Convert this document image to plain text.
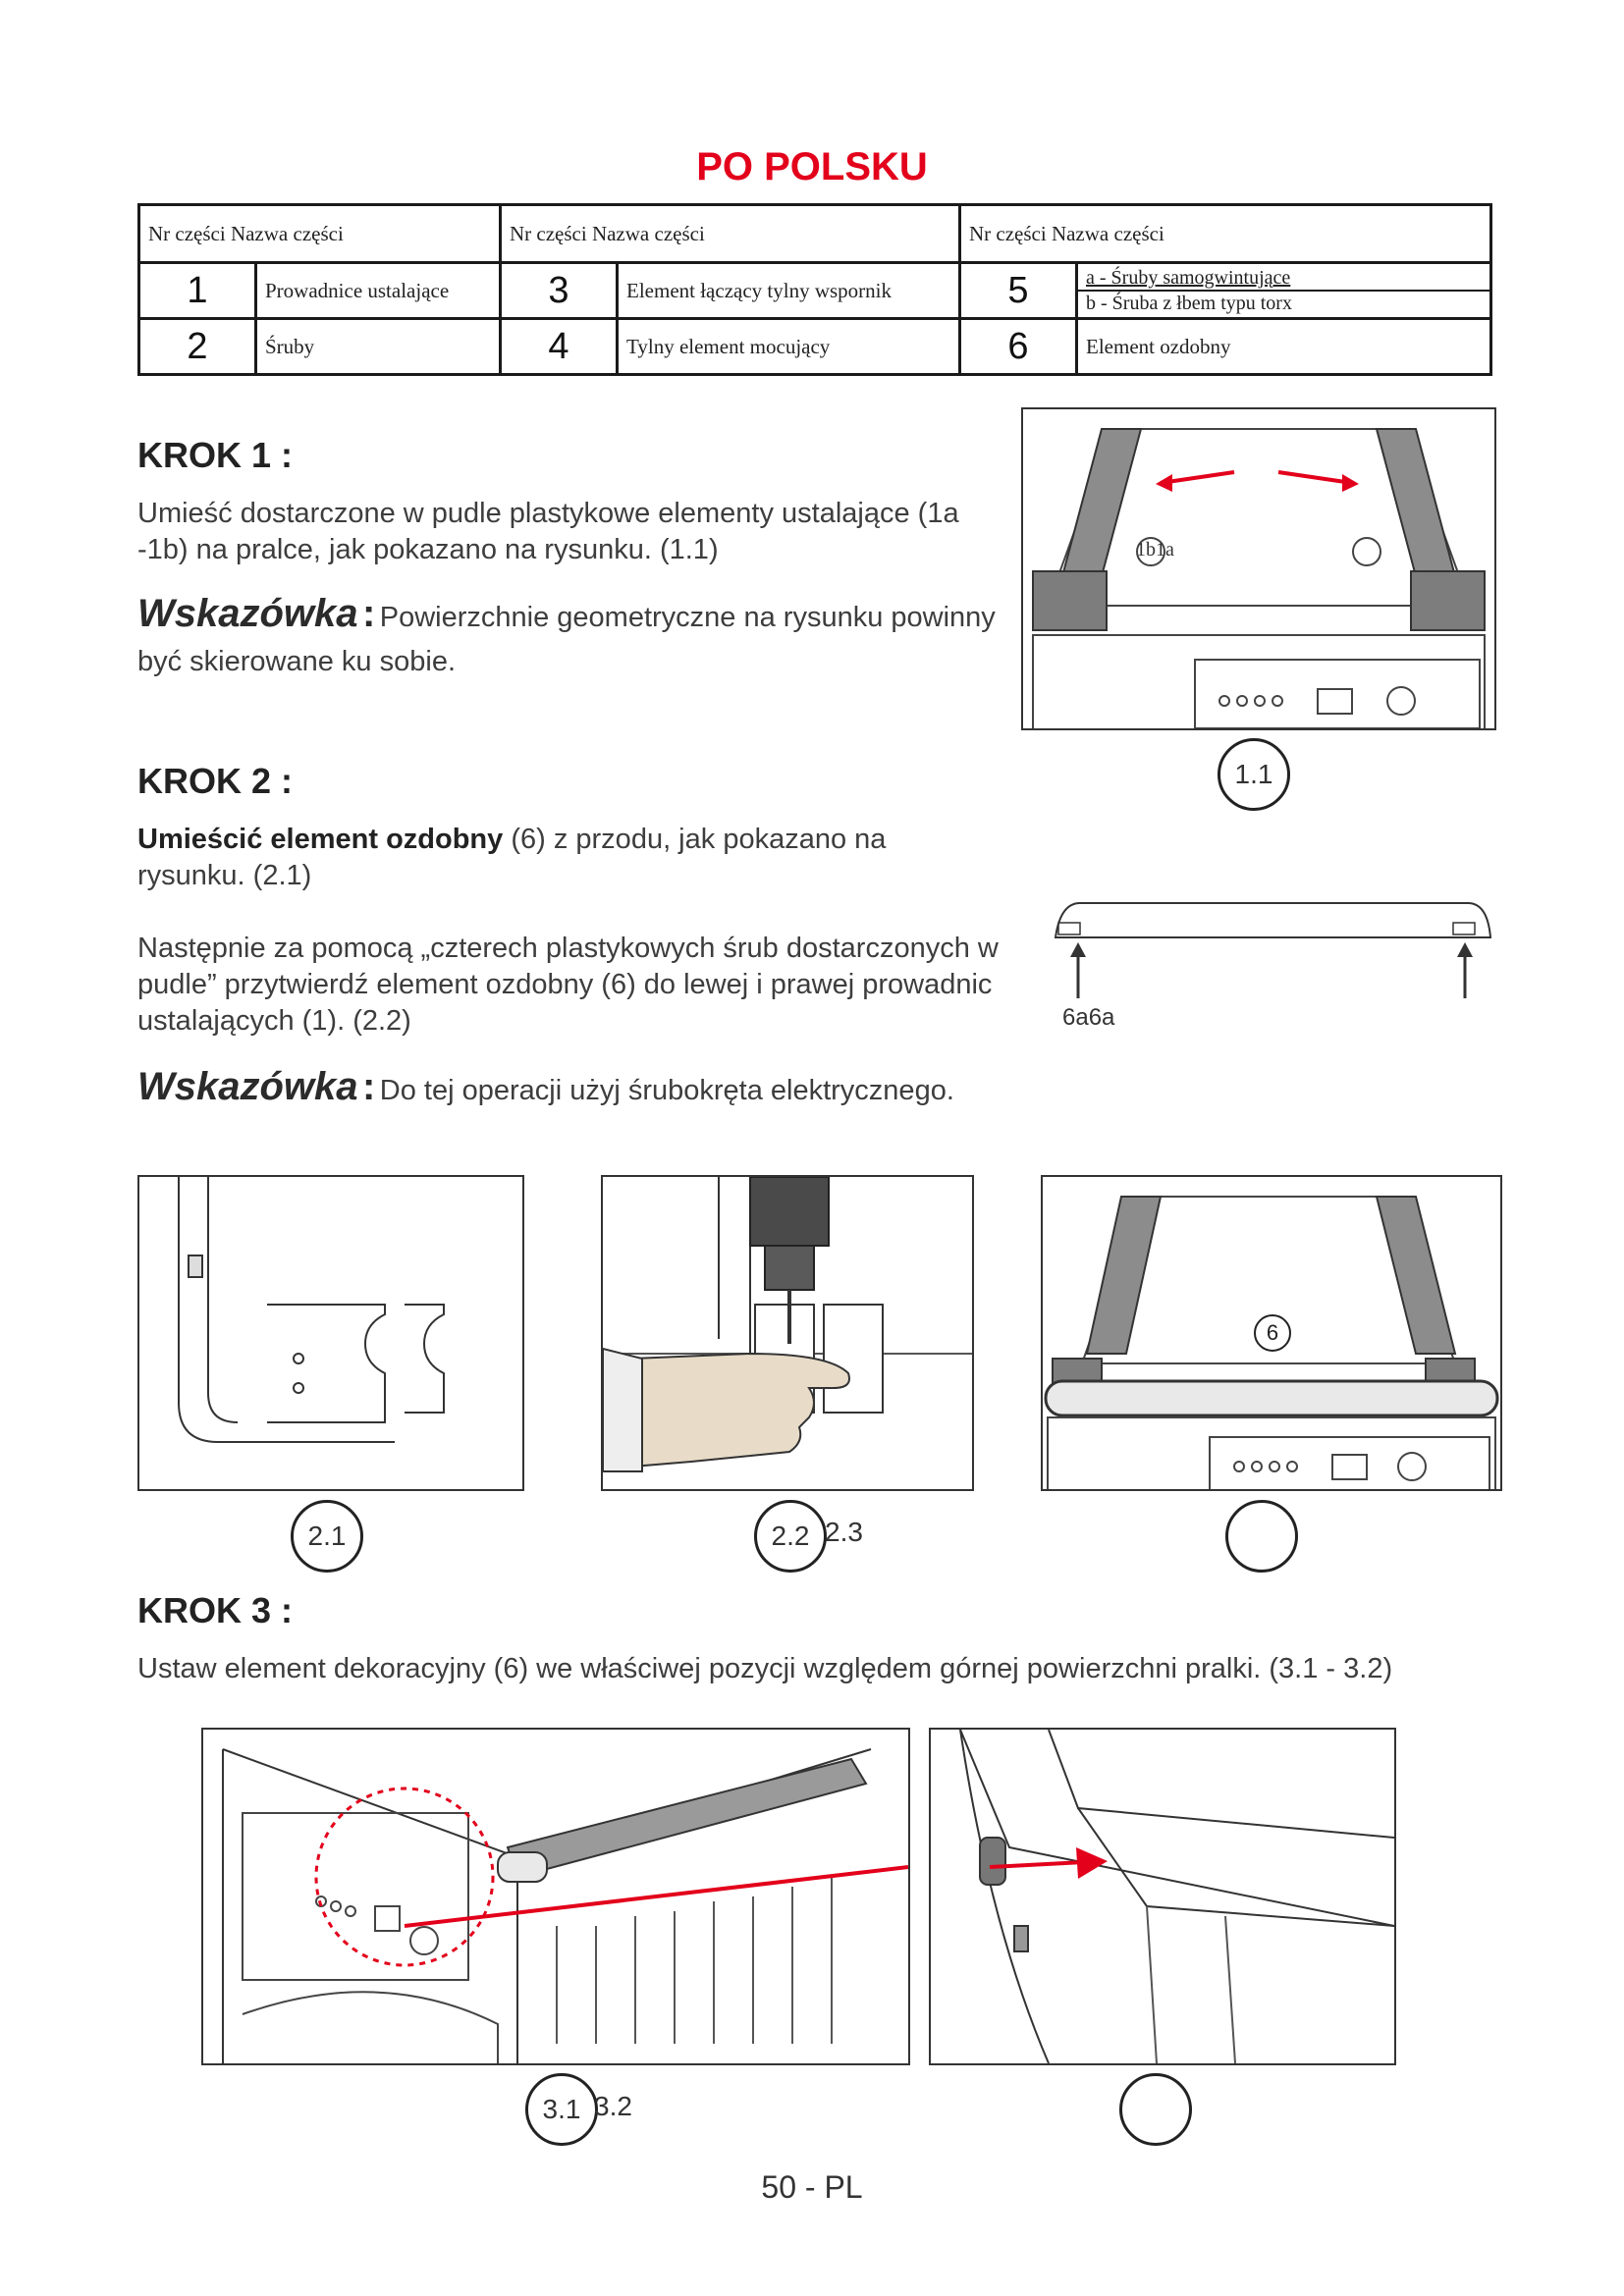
PO POLSKU
Nr części Nazwa części		Nr części Nazwa części		Nr części Nazwa części	
1	Prowadnice ustalające	3	Element łączący tylny wspornik	5	a - Śruby samogwintujące
b - Śruba z łbem typu torx

2	Śruby	4	Tylny element mocujący	6	Element ozdobny
KROK 1 :
Umieść dostarczone w pudle plastykowe elementy ustalające (1a -1b) na pralce, jak pokazano na rysunku. (1.1)
Wskazówka : Powierzchnie geometryczne na rysunku powinny być skierowane ku sobie.
1b1a
1.1
KROK 2 :
Umieścić element ozdobny (6) z przodu, jak pokazano na rysunku. (2.1)
Następnie za pomocą „czterech plastykowych śrub dostarczonych w pudle” przytwierdź element ozdobny (6) do lewej i prawej prowadnic ustalających (1). (2.2)
Wskazówka : Do tej operacji użyj śrubokręta elektrycznego.
6a6a
2.1	2.2 2.3
6
KROK 3 :
Ustaw element dekoracyjny (6) we właściwej pozycji względem górnej powierzchni pralki. (3.1 - 3.2)
3.1 3.2
50 - PL
